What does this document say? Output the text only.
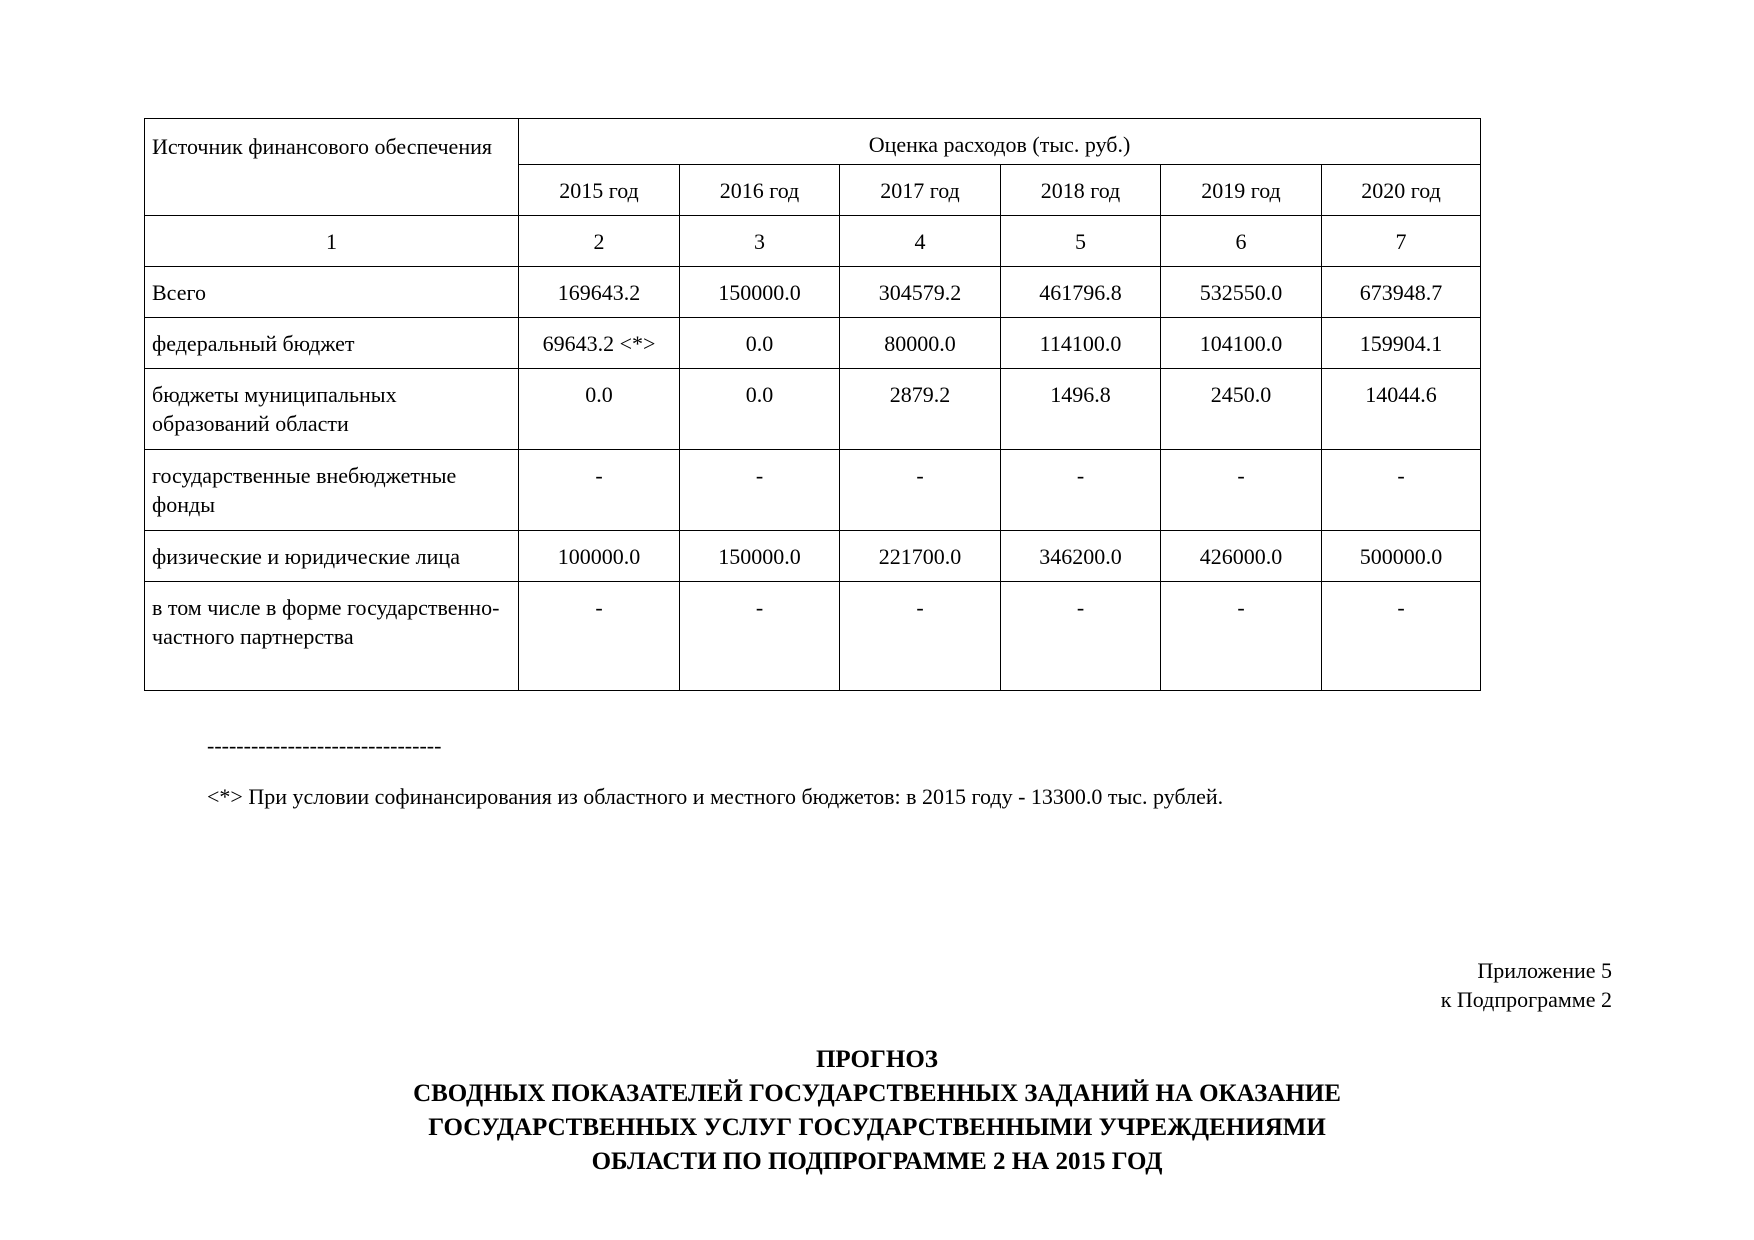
Источник финансового обеспечения	Оценка расходов (тыс. руб.)					
	2015 год	2016 год	2017 год	2018 год	2019 год	2020 год
1	2	3	4	5	6	7
Всего	169643.2	150000.0	304579.2	461796.8	532550.0	673948.7
федеральный бюджет	69643.2 <*>	0.0	80000.0	114100.0	104100.0	159904.1
бюджеты муниципальных образований области	0.0	0.0	2879.2	1496.8	2450.0	14044.6
государственные внебюджетные фонды	-	-	-	-	-	-
физические и юридические лица	100000.0	150000.0	221700.0	346200.0	426000.0	500000.0
в том числе в форме государственно-частного партнерства	-	-	-	-	-	-
--------------------------------
<*> При условии софинансирования из областного и местного бюджетов: в 2015 году - 13300.0 тыс. рублей.
Приложение 5
к Подпрограмме 2
ПРОГНОЗ
СВОДНЫХ ПОКАЗАТЕЛЕЙ ГОСУДАРСТВЕННЫХ ЗАДАНИЙ НА ОКАЗАНИЕ
ГОСУДАРСТВЕННЫХ УСЛУГ ГОСУДАРСТВЕННЫМИ УЧРЕЖДЕНИЯМИ
ОБЛАСТИ ПО ПОДПРОГРАММЕ 2 НА 2015 ГОД
